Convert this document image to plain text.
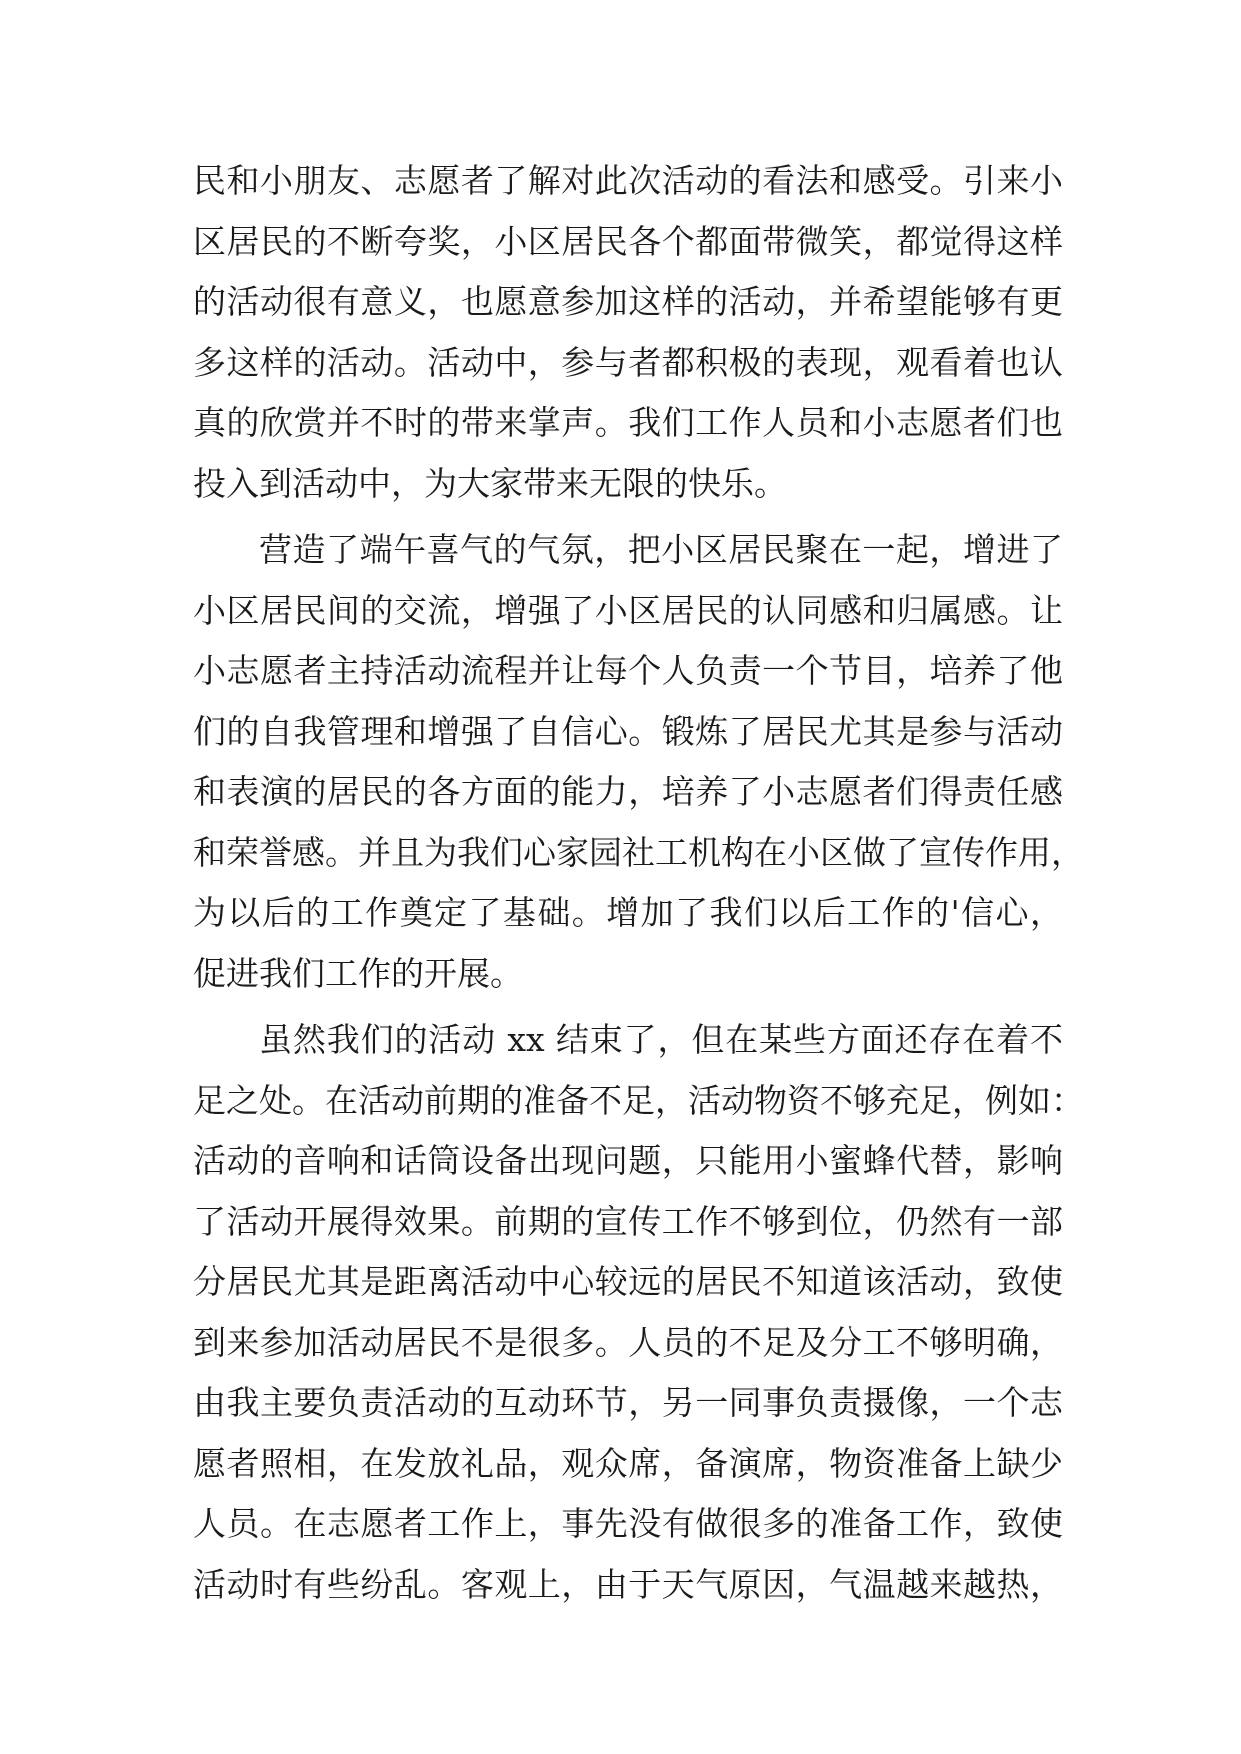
民和小朋友、志愿者了解对此次活动的看法和感受。引来小
区居民的不断夸奖，小区居民各个都面带微笑，都觉得这样
的活动很有意义，也愿意参加这样的活动，并希望能够有更
多这样的活动。活动中，参与者都积极的表现，观看着也认
真的欣赏并不时的带来掌声。我们工作人员和小志愿者们也
投入到活动中，为大家带来无限的快乐。
营造了端午喜气的气氛，把小区居民聚在一起，增进了
小区居民间的交流，增强了小区居民的认同感和归属感。让
小志愿者主持活动流程并让每个人负责一个节目，培养了他
们的自我管理和增强了自信心。锻炼了居民尤其是参与活动
和表演的居民的各方面的能力，培养了小志愿者们得责任感
和荣誉感。并且为我们心家园社工机构在小区做了宣传作用，
为以后的工作奠定了基础。增加了我们以后工作的'信心，
促进我们工作的开展。
虽然我们的活动 xx 结束了，但在某些方面还存在着不
足之处。在活动前期的准备不足，活动物资不够充足，例如：
活动的音响和话筒设备出现问题，只能用小蜜蜂代替，影响
了活动开展得效果。前期的宣传工作不够到位，仍然有一部
分居民尤其是距离活动中心较远的居民不知道该活动，致使
到来参加活动居民不是很多。人员的不足及分工不够明确，
由我主要负责活动的互动环节，另一同事负责摄像，一个志
愿者照相，在发放礼品，观众席，备演席，物资准备上缺少
人员。在志愿者工作上，事先没有做很多的准备工作，致使
活动时有些纷乱。客观上，由于天气原因，气温越来越热，
